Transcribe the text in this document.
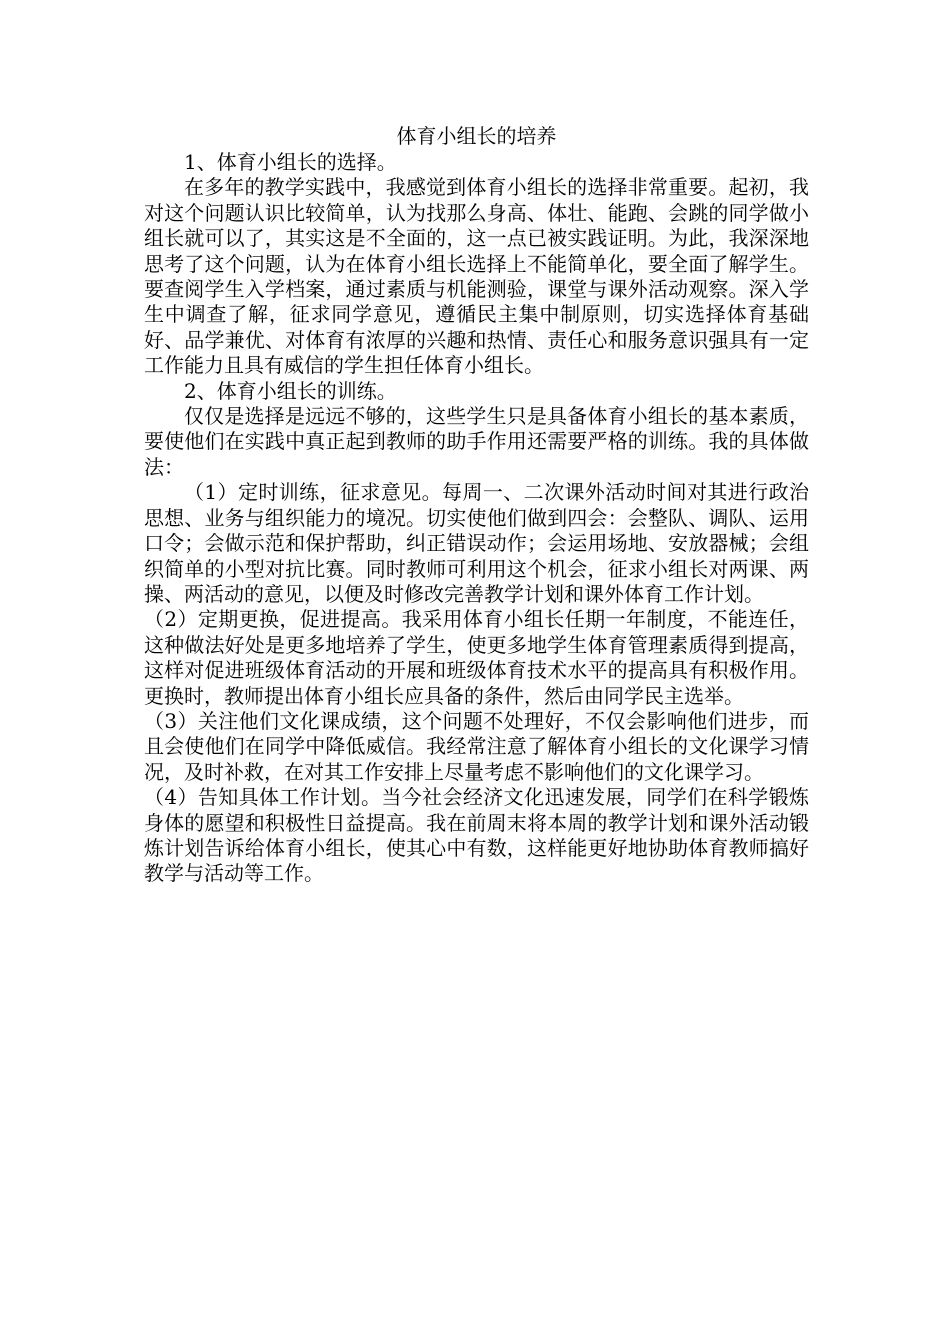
体育小组长的培养

1、体育小组长的选择。

在多年的教学实践中，我感觉到体育小组长的选择非常重要。起初，我对这个问题认识比较简单，认为找那么身高、体壮、能跑、会跳的同学做小组长就可以了，其实这是不全面的，这一点已被实践证明。为此，我深深地思考了这个问题，认为在体育小组长选择上不能简单化，要全面了解学生。要查阅学生入学档案，通过素质与机能测验，课堂与课外活动观察。深入学生中调查了解，征求同学意见，遵循民主集中制原则，切实选择体育基础好、品学兼优、对体育有浓厚的兴趣和热情、责任心和服务意识强具有一定工作能力且具有威信的学生担任体育小组长。

2、体育小组长的训练。

仅仅是选择是远远不够的，这些学生只是具备体育小组长的基本素质，要使他们在实践中真正起到教师的助手作用还需要严格的训练。我的具体做法：

（1）定时训练，征求意见。每周一、二次课外活动时间对其进行政治思想、业务与组织能力的境况。切实使他们做到四会：会整队、调队、运用口令；会做示范和保护帮助，纠正错误动作；会运用场地、安放器械；会组织简单的小型对抗比赛。同时教师可利用这个机会，征求小组长对两课、两操、两活动的意见，以便及时修改完善教学计划和课外体育工作计划。

（2）定期更换，促进提高。我采用体育小组长任期一年制度，不能连任，这种做法好处是更多地培养了学生，使更多地学生体育管理素质得到提高，这样对促进班级体育活动的开展和班级体育技术水平的提高具有积极作用。更换时，教师提出体育小组长应具备的条件，然后由同学民主选举。

（3）关注他们文化课成绩，这个问题不处理好，不仅会影响他们进步，而且会使他们在同学中降低威信。我经常注意了解体育小组长的文化课学习情况，及时补救，在对其工作安排上尽量考虑不影响他们的文化课学习。

（4）告知具体工作计划。当今社会经济文化迅速发展，同学们在科学锻炼身体的愿望和积极性日益提高。我在前周末将本周的教学计划和课外活动锻炼计划告诉给体育小组长，使其心中有数，这样能更好地协助体育教师搞好教学与活动等工作。
